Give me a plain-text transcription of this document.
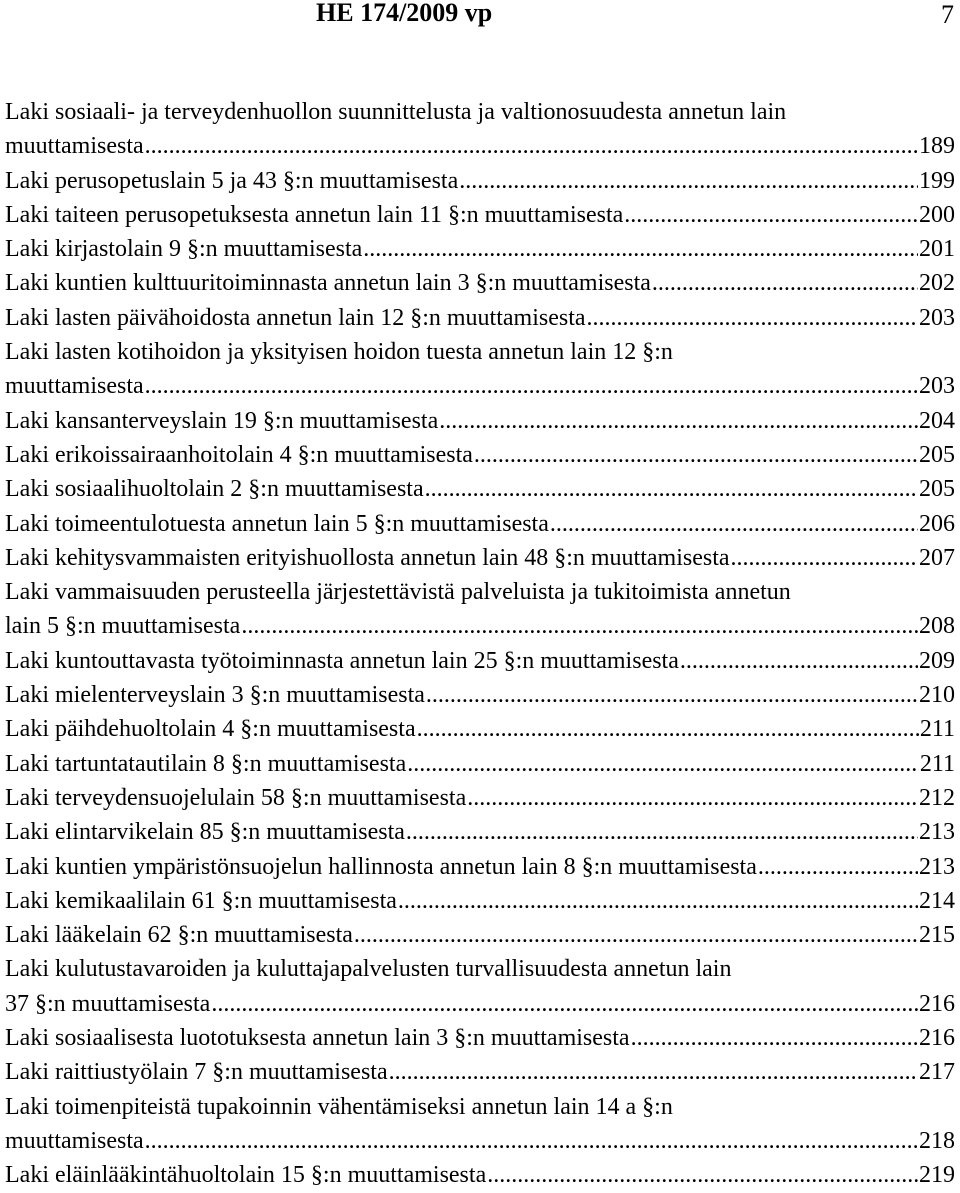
HE 174/2009 vp	7
Laki sosiaali- ja terveydenhuollon suunnittelusta ja valtionosuudesta annetun lain
muuttamisesta .....	189
Laki perusopetuslain 5 ja 43 §:n muuttamisesta .....	199
Laki taiteen perusopetuksesta annetun lain 11 §:n muuttamisesta .....	200
Laki kirjastolain 9 §:n muuttamisesta .....	201
Laki kuntien kulttuuritoiminnasta annetun lain 3 §:n muuttamisesta .....	202
Laki lasten päivähoidosta annetun lain 12 §:n muuttamisesta .....	203
Laki lasten kotihoidon ja yksityisen hoidon tuesta annetun lain 12 §:n
muuttamisesta .....	203
Laki kansanterveyslain 19 §:n muuttamisesta .....	204
Laki erikoissairaanhoitolain 4 §:n muuttamisesta .....	205
Laki sosiaalihuoltolain 2 §:n muuttamisesta .....	205
Laki toimeentulotuesta annetun lain 5 §:n muuttamisesta .....	206
Laki kehitysvammaisten erityishuollosta annetun lain 48 §:n muuttamisesta .....	207
Laki vammaisuuden perusteella järjestettävistä palveluista ja tukitoimista annetun
lain 5 §:n muuttamisesta .....	208
Laki kuntouttavasta työtoiminnasta annetun lain 25 §:n muuttamisesta .....	209
Laki mielenterveyslain 3 §:n muuttamisesta .....	210
Laki päihdehuoltolain 4 §:n muuttamisesta .....	211
Laki tartuntatautilain 8 §:n muuttamisesta .....	211
Laki terveydensuojelulain 58 §:n muuttamisesta .....	212
Laki elintarvikelain 85 §:n muuttamisesta .....	213
Laki kuntien ympäristönsuojelun hallinnosta annetun lain 8 §:n muuttamisesta .....	213
Laki kemikaalilain 61 §:n muuttamisesta .....	214
Laki lääkelain 62 §:n muuttamisesta .....	215
Laki kulutustavaroiden ja kuluttajapalvelusten turvallisuudesta annetun lain
37 §:n muuttamisesta .....	216
Laki sosiaalisesta luototuksesta annetun lain 3 §:n muuttamisesta .....	216
Laki raittiustyölain 7 §:n muuttamisesta .....	217
Laki toimenpiteistä tupakoinnin vähentämiseksi annetun lain 14 a §:n
muuttamisesta .....	218
Laki eläinlääkintähuoltolain 15 §:n muuttamisesta .....	219
